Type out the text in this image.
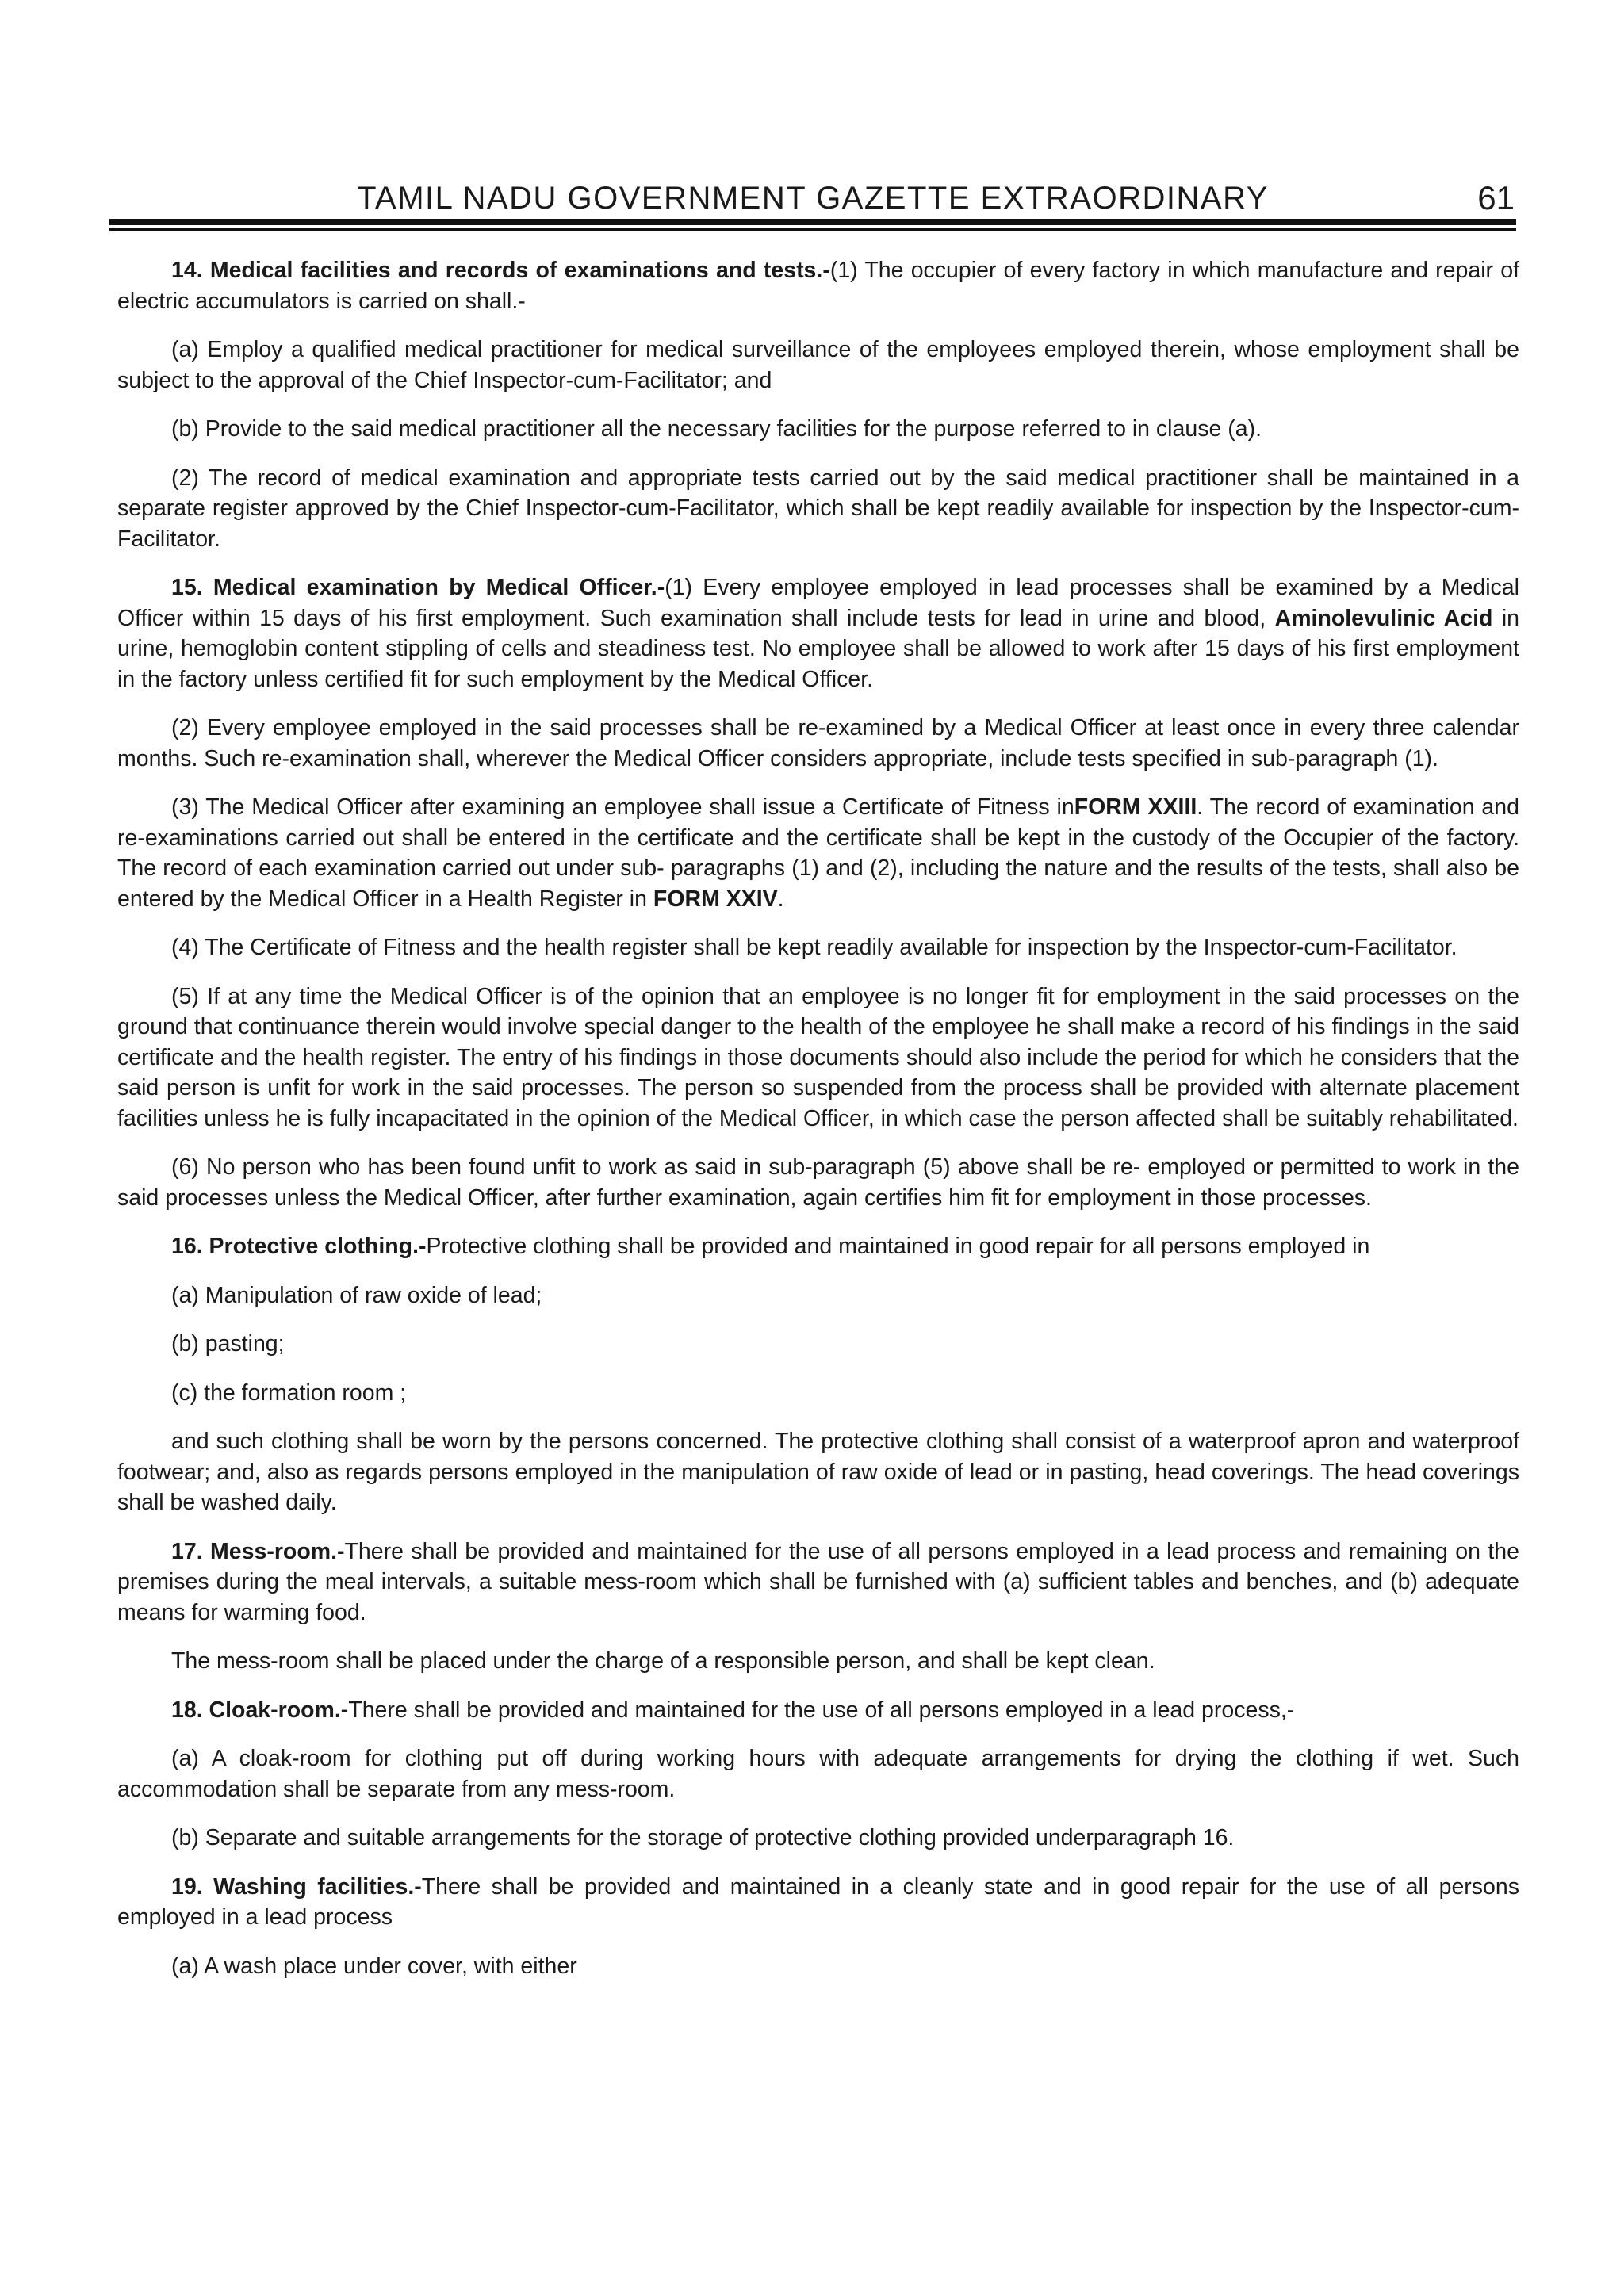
TAMIL NADU GOVERNMENT GAZETTE EXTRAORDINARY	61

14. Medical facilities and records of examinations and tests.-(1) The occupier of every factory in which manufacture and repair of electric accumulators is carried on shall.-

(a) Employ a qualified medical practitioner for medical surveillance of the employees employed therein, whose employment shall be subject to the approval of the Chief Inspector-cum-Facilitator; and

(b) Provide to the said medical practitioner all the necessary facilities for the purpose referred to in clause (a).

(2) The record of medical examination and appropriate tests carried out by the said medical practitioner shall be maintained in a separate register approved by the Chief Inspector-cum-Facilitator, which shall be kept readily available for inspection by the Inspector-cum-Facilitator.

15. Medical examination by Medical Officer.-(1) Every employee employed in lead processes shall be examined by a Medical Officer within 15 days of his first employment. Such examination shall include tests for lead in urine and blood, Aminolevulinic Acid in urine, hemoglobin content stippling of cells and steadiness test. No employee shall be allowed to work after 15 days of his first employment in the factory unless certified fit for such employment by the Medical Officer.

(2) Every employee employed in the said processes shall be re-examined by a Medical Officer at least once in every three calendar months. Such re-examination shall, wherever the Medical Officer considers appropriate, include tests specified in sub-paragraph (1).

(3) The Medical Officer after examining an employee shall issue a Certificate of Fitness inFORM XXIII. The record of examination and re-examinations carried out shall be entered in the certificate and the certificate shall be kept in the custody of the Occupier of the factory. The record of each examination carried out under sub- paragraphs (1) and (2), including the nature and the results of the tests, shall also be entered by the Medical Officer in a Health Register in FORM XXIV.

(4) The Certificate of Fitness and the health register shall be kept readily available for inspection by the Inspector-cum-Facilitator.

(5) If at any time the Medical Officer is of the opinion that an employee is no longer fit for employment in the said processes on the ground that continuance therein would involve special danger to the health of the employee he shall make a record of his findings in the said certificate and the health register. The entry of his findings in those documents should also include the period for which he considers that the said person is unfit for work in the said processes. The person so suspended from the process shall be provided with alternate placement facilities unless he is fully incapacitated in the opinion of the Medical Officer, in which case the person affected shall be suitably rehabilitated.

(6) No person who has been found unfit to work as said in sub-paragraph (5) above shall be re- employed or permitted to work in the said processes unless the Medical Officer, after further examination, again certifies him fit for employment in those processes.

16. Protective clothing.-Protective clothing shall be provided and maintained in good repair for all persons employed in

(a) Manipulation of raw oxide of lead;

(b) pasting;

(c) the formation room ;

and such clothing shall be worn by the persons concerned. The protective clothing shall consist of a waterproof apron and waterproof footwear; and, also as regards persons employed in the manipulation of raw oxide of lead or in pasting, head coverings. The head coverings shall be washed daily.

17. Mess-room.-There shall be provided and maintained for the use of all persons employed in a lead process and remaining on the premises during the meal intervals, a suitable mess-room which shall be furnished with (a) sufficient tables and benches, and (b) adequate means for warming food.

The mess-room shall be placed under the charge of a responsible person, and shall be kept clean.

18. Cloak-room.-There shall be provided and maintained for the use of all persons employed in a lead process,-

(a) A cloak-room for clothing put off during working hours with adequate arrangements for drying the clothing if wet. Such accommodation shall be separate from any mess-room.

(b) Separate and suitable arrangements for the storage of protective clothing provided underparagraph 16.

19. Washing facilities.-There shall be provided and maintained in a cleanly state and in good repair for the use of all persons employed in a lead process

(a) A wash place under cover, with either
